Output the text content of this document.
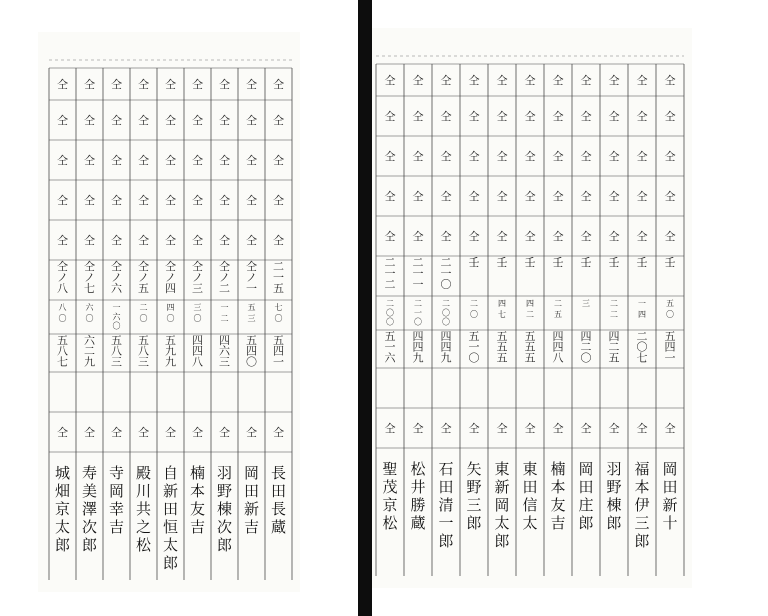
仝
仝
仝
仝
仝
二一五
七〇
五四一
仝
長田長蔵
仝
仝
仝
仝
仝
仝ノ一
五三
五四〇
仝
岡田新吉
仝
仝
仝
仝
仝
仝ノ二
一二
四六三
仝
羽野棟次郎
仝
仝
仝
仝
仝
仝ノ三
三〇
四四八
仝
楠本友吉
仝
仝
仝
仝
仝
仝ノ四
四〇
五九九
仝
自新田恒太郎
仝
仝
仝
仝
仝
仝ノ五
二〇
五八三
仝
殿川共之松
仝
仝
仝
仝
仝
仝ノ六
一六〇
五八三
仝
寺岡幸吉
仝
仝
仝
仝
仝
仝ノ七
六〇
六二九
仝
寿美澤次郎
仝
仝
仝
仝
仝
仝ノ八
八〇
五八七
仝
城畑京太郎
仝
仝
仝
仝
仝
壬
五〇
五四一
仝
岡田新十
仝
仝
仝
仝
仝
壬
一四
二〇七
仝
福本伊三郎
仝
仝
仝
仝
仝
壬
二二
四二五
仝
羽野棟郎
仝
仝
仝
仝
仝
壬
三
四二〇
仝
岡田庄郎
仝
仝
仝
仝
仝
壬
二五
四四八
仝
楠本友吉
仝
仝
仝
仝
仝
壬
四二
五五五
仝
東田信太
仝
仝
仝
仝
仝
壬
四七
五五五
仝
東新岡太郎
仝
仝
仝
仝
仝
壬
二〇
五一〇
仝
矢野三郎
仝
仝
仝
仝
仝
二一〇
二〇〇
四四九
仝
石田清一郎
仝
仝
仝
仝
仝
二一一
二一〇
四四九
仝
松井勝蔵
仝
仝
仝
仝
仝
二一二
二〇〇
五一六
仝
聖茂京松
